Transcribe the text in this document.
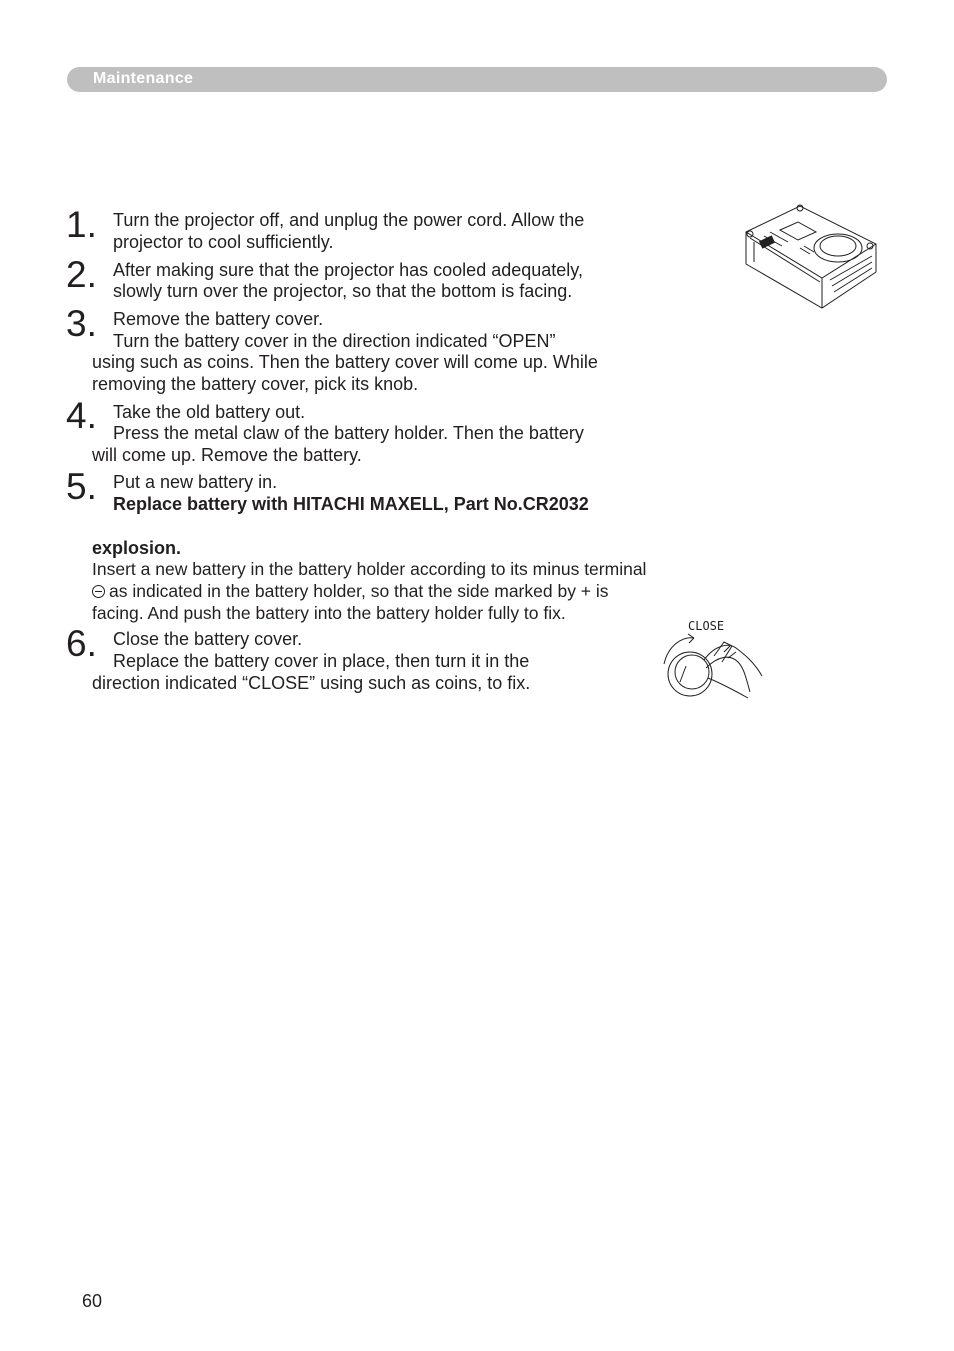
Maintenance
CLOSE
1. Turn the projector off, and unplug the power cord. Allow the
projector to cool sufficiently.
2. After making sure that the projector has cooled adequately,
slowly turn over the projector, so that the bottom is facing.
3. Remove the battery cover.
Turn the battery cover in the direction indicated “OPEN”
using such as coins. Then the battery cover will come up. While
removing the battery cover, pick its knob.
4. Take the old battery out.
Press the metal claw of the battery holder. Then the battery
will come up. Remove the battery.
5. Put a new battery in.
Replace battery with HITACHI MAXELL, Part No.CR2032
explosion.
Insert a new battery in the battery holder according to its minus terminal
as indicated in the battery holder, so that the side marked by + is
facing. And push the battery into the battery holder fully to fix.
6. Close the battery cover.
Replace the battery cover in place, then turn it in the
direction indicated “CLOSE” using such as coins, to fix.
60
